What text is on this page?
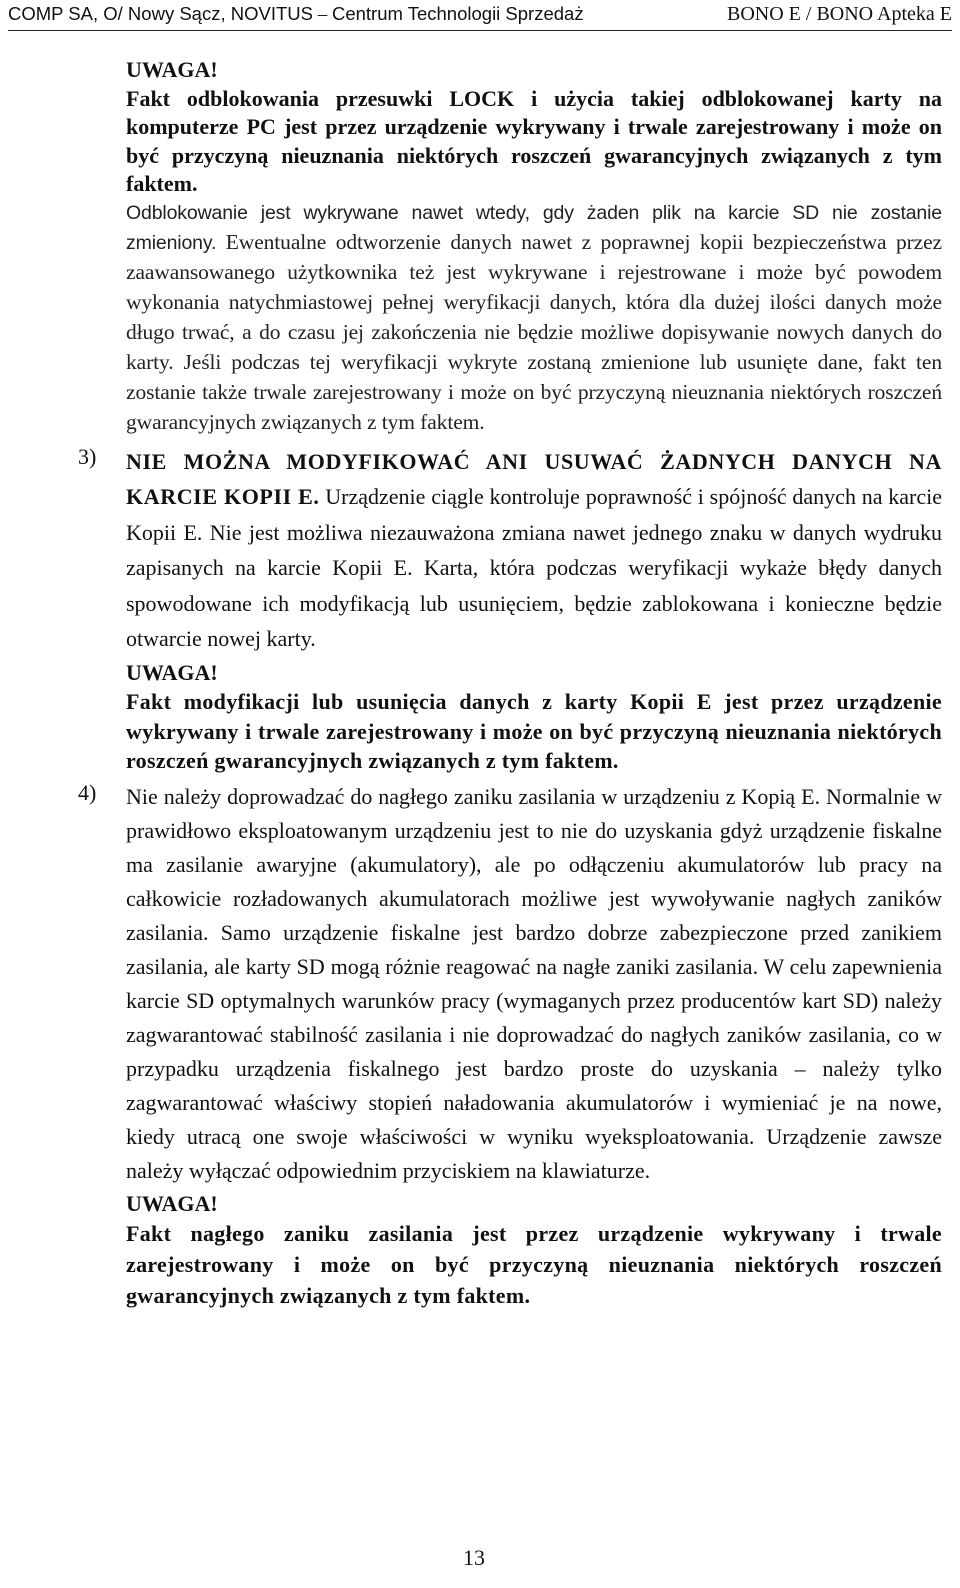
COMP SA, O/ Nowy Sącz, NOVITUS – Centrum Technologii Sprzedaż	BONO E / BONO Apteka E

UWAGA!

Fakt odblokowania przesuwki LOCK i użycia takiej odblokowanej karty na komputerze PC jest przez urządzenie wykrywany i trwale zarejestrowany i może on być przyczyną nieuznania niektórych roszczeń gwarancyjnych związanych z tym faktem.

Odblokowanie jest wykrywane nawet wtedy, gdy żaden plik na karcie SD nie zostanie zmieniony. Ewentualne odtworzenie danych nawet z poprawnej kopii bezpieczeństwa przez zaawansowanego użytkownika też jest wykrywane i rejestrowane i może być powodem wykonania natychmiastowej pełnej weryfikacji danych, która dla dużej ilości danych może długo trwać, a do czasu jej zakończenia nie będzie możliwe dopisywanie nowych danych do karty. Jeśli podczas tej weryfikacji wykryte zostaną zmienione lub usunięte dane, fakt ten zostanie także trwale zarejestrowany i może on być przyczyną nieuznania niektórych roszczeń gwarancyjnych związanych z tym faktem.

3) NIE MOŻNA MODYFIKOWAĆ ANI USUWAĆ ŻADNYCH DANYCH NA KARCIE KOPII E. Urządzenie ciągle kontroluje poprawność i spójność danych na karcie Kopii E. Nie jest możliwa niezauważona zmiana nawet jednego znaku w danych wydruku zapisanych na karcie Kopii E. Karta, która podczas weryfikacji wykaże błędy danych spowodowane ich modyfikacją lub usunięciem, będzie zablokowana i konieczne będzie otwarcie nowej karty.

UWAGA!

Fakt modyfikacji lub usunięcia danych z karty Kopii E jest przez urządzenie wykrywany i trwale zarejestrowany i może on być przyczyną nieuznania niektórych roszczeń gwarancyjnych związanych z tym faktem.

4) Nie należy doprowadzać do nagłego zaniku zasilania w urządzeniu z Kopią E. Normalnie w prawidłowo eksploatowanym urządzeniu jest to nie do uzyskania gdyż urządzenie fiskalne ma zasilanie awaryjne (akumulatory), ale po odłączeniu akumulatorów lub pracy na całkowicie rozładowanych akumulatorach możliwe jest wywoływanie nagłych zaników zasilania. Samo urządzenie fiskalne jest bardzo dobrze zabezpieczone przed zanikiem zasilania, ale karty SD mogą różnie reagować na nagłe zaniki zasilania. W celu zapewnienia karcie SD optymalnych warunków pracy (wymaganych przez producentów kart SD) należy zagwarantować stabilność zasilania i nie doprowadzać do nagłych zaników zasilania, co w przypadku urządzenia fiskalnego jest bardzo proste do uzyskania – należy tylko zagwarantować właściwy stopień naładowania akumulatorów i wymieniać je na nowe, kiedy utracą one swoje właściwości w wyniku wyeksploatowania. Urządzenie zawsze należy wyłączać odpowiednim przyciskiem na klawiaturze.

UWAGA!

Fakt nagłego zaniku zasilania jest przez urządzenie wykrywany i trwale zarejestrowany i może on być przyczyną nieuznania niektórych roszczeń gwarancyjnych związanych z tym faktem.

13
